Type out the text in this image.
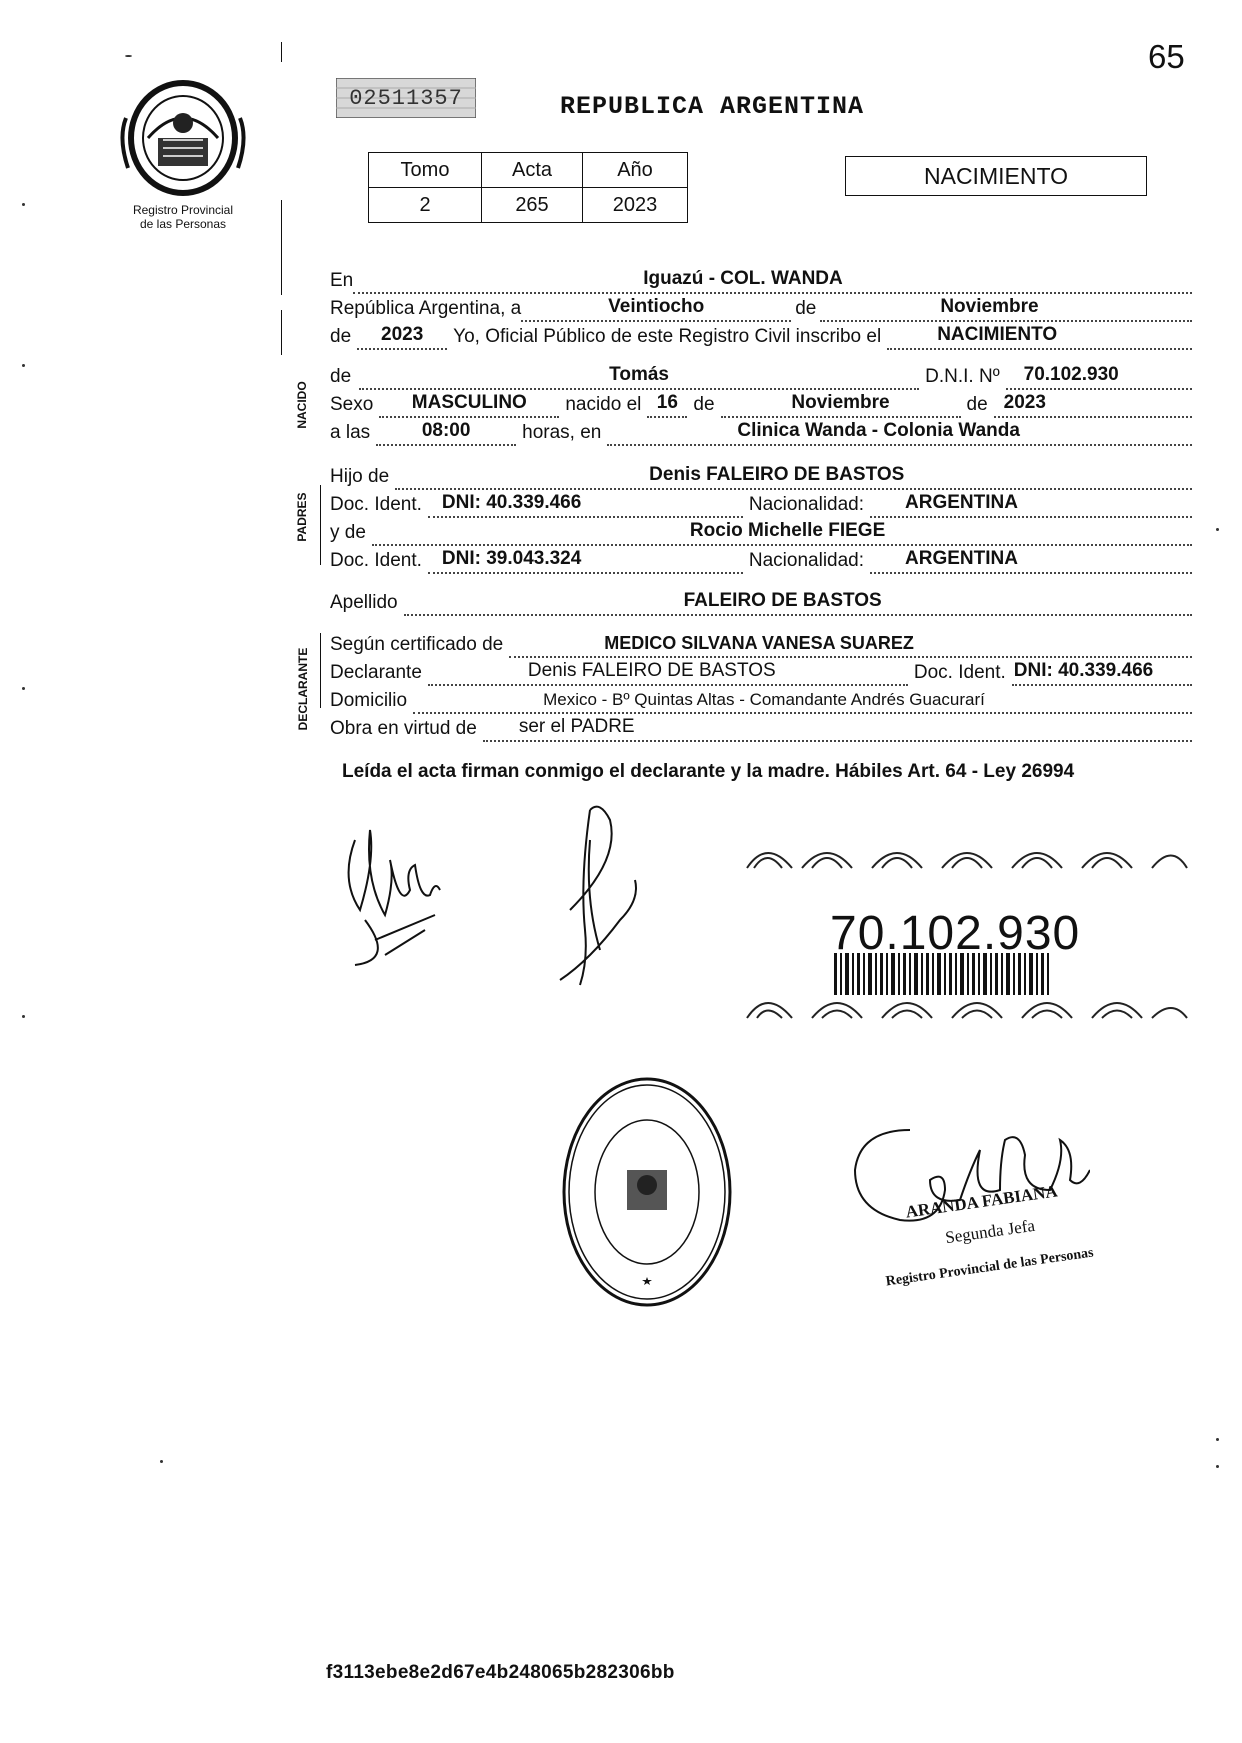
65
Registro Provincial
de las Personas
02511357	REPUBLICA ARGENTINA
Tomo	Acta	Año
2	265	2023
NACIMIENTO
NACIDO
PADRES
DECLARANTE
En	Iguazú - COL. WANDA
República Argentina, a	Veintiocho	de	Noviembre
de	2023	Yo, Oficial Público de este Registro Civil inscribo el	NACIMIENTO
de	Tomás	D.N.I. Nº 70.102.930
Sexo	MASCULINO	nacido el 16 de	Noviembre	de 2023
a las	08:00	horas, en	Clinica Wanda - Colonia Wanda
Hijo de	Denis FALEIRO DE BASTOS
Doc. Ident. DNI: 40.339.466	Nacionalidad: ARGENTINA
y de	Rocio Michelle FIEGE
Doc. Ident. DNI: 39.043.324	Nacionalidad: ARGENTINA
Apellido	FALEIRO DE BASTOS
Según certificado de	MEDICO SILVANA VANESA SUAREZ
Declarante	Denis FALEIRO DE BASTOS	Doc. Ident. DNI: 40.339.466
Domicilio	Mexico - Bº Quintas Altas - Comandante Andrés Guacurarí
Obra en virtud de ser el PADRE
Leída el acta firman conmigo el declarante y la madre. Hábiles Art. 64 - Ley 26994
70.102.930
ARANDA FABIANA
Segunda Jefa
Registro Provincial de las Personas
f3113ebe8e2d67e4b248065b282306bb
